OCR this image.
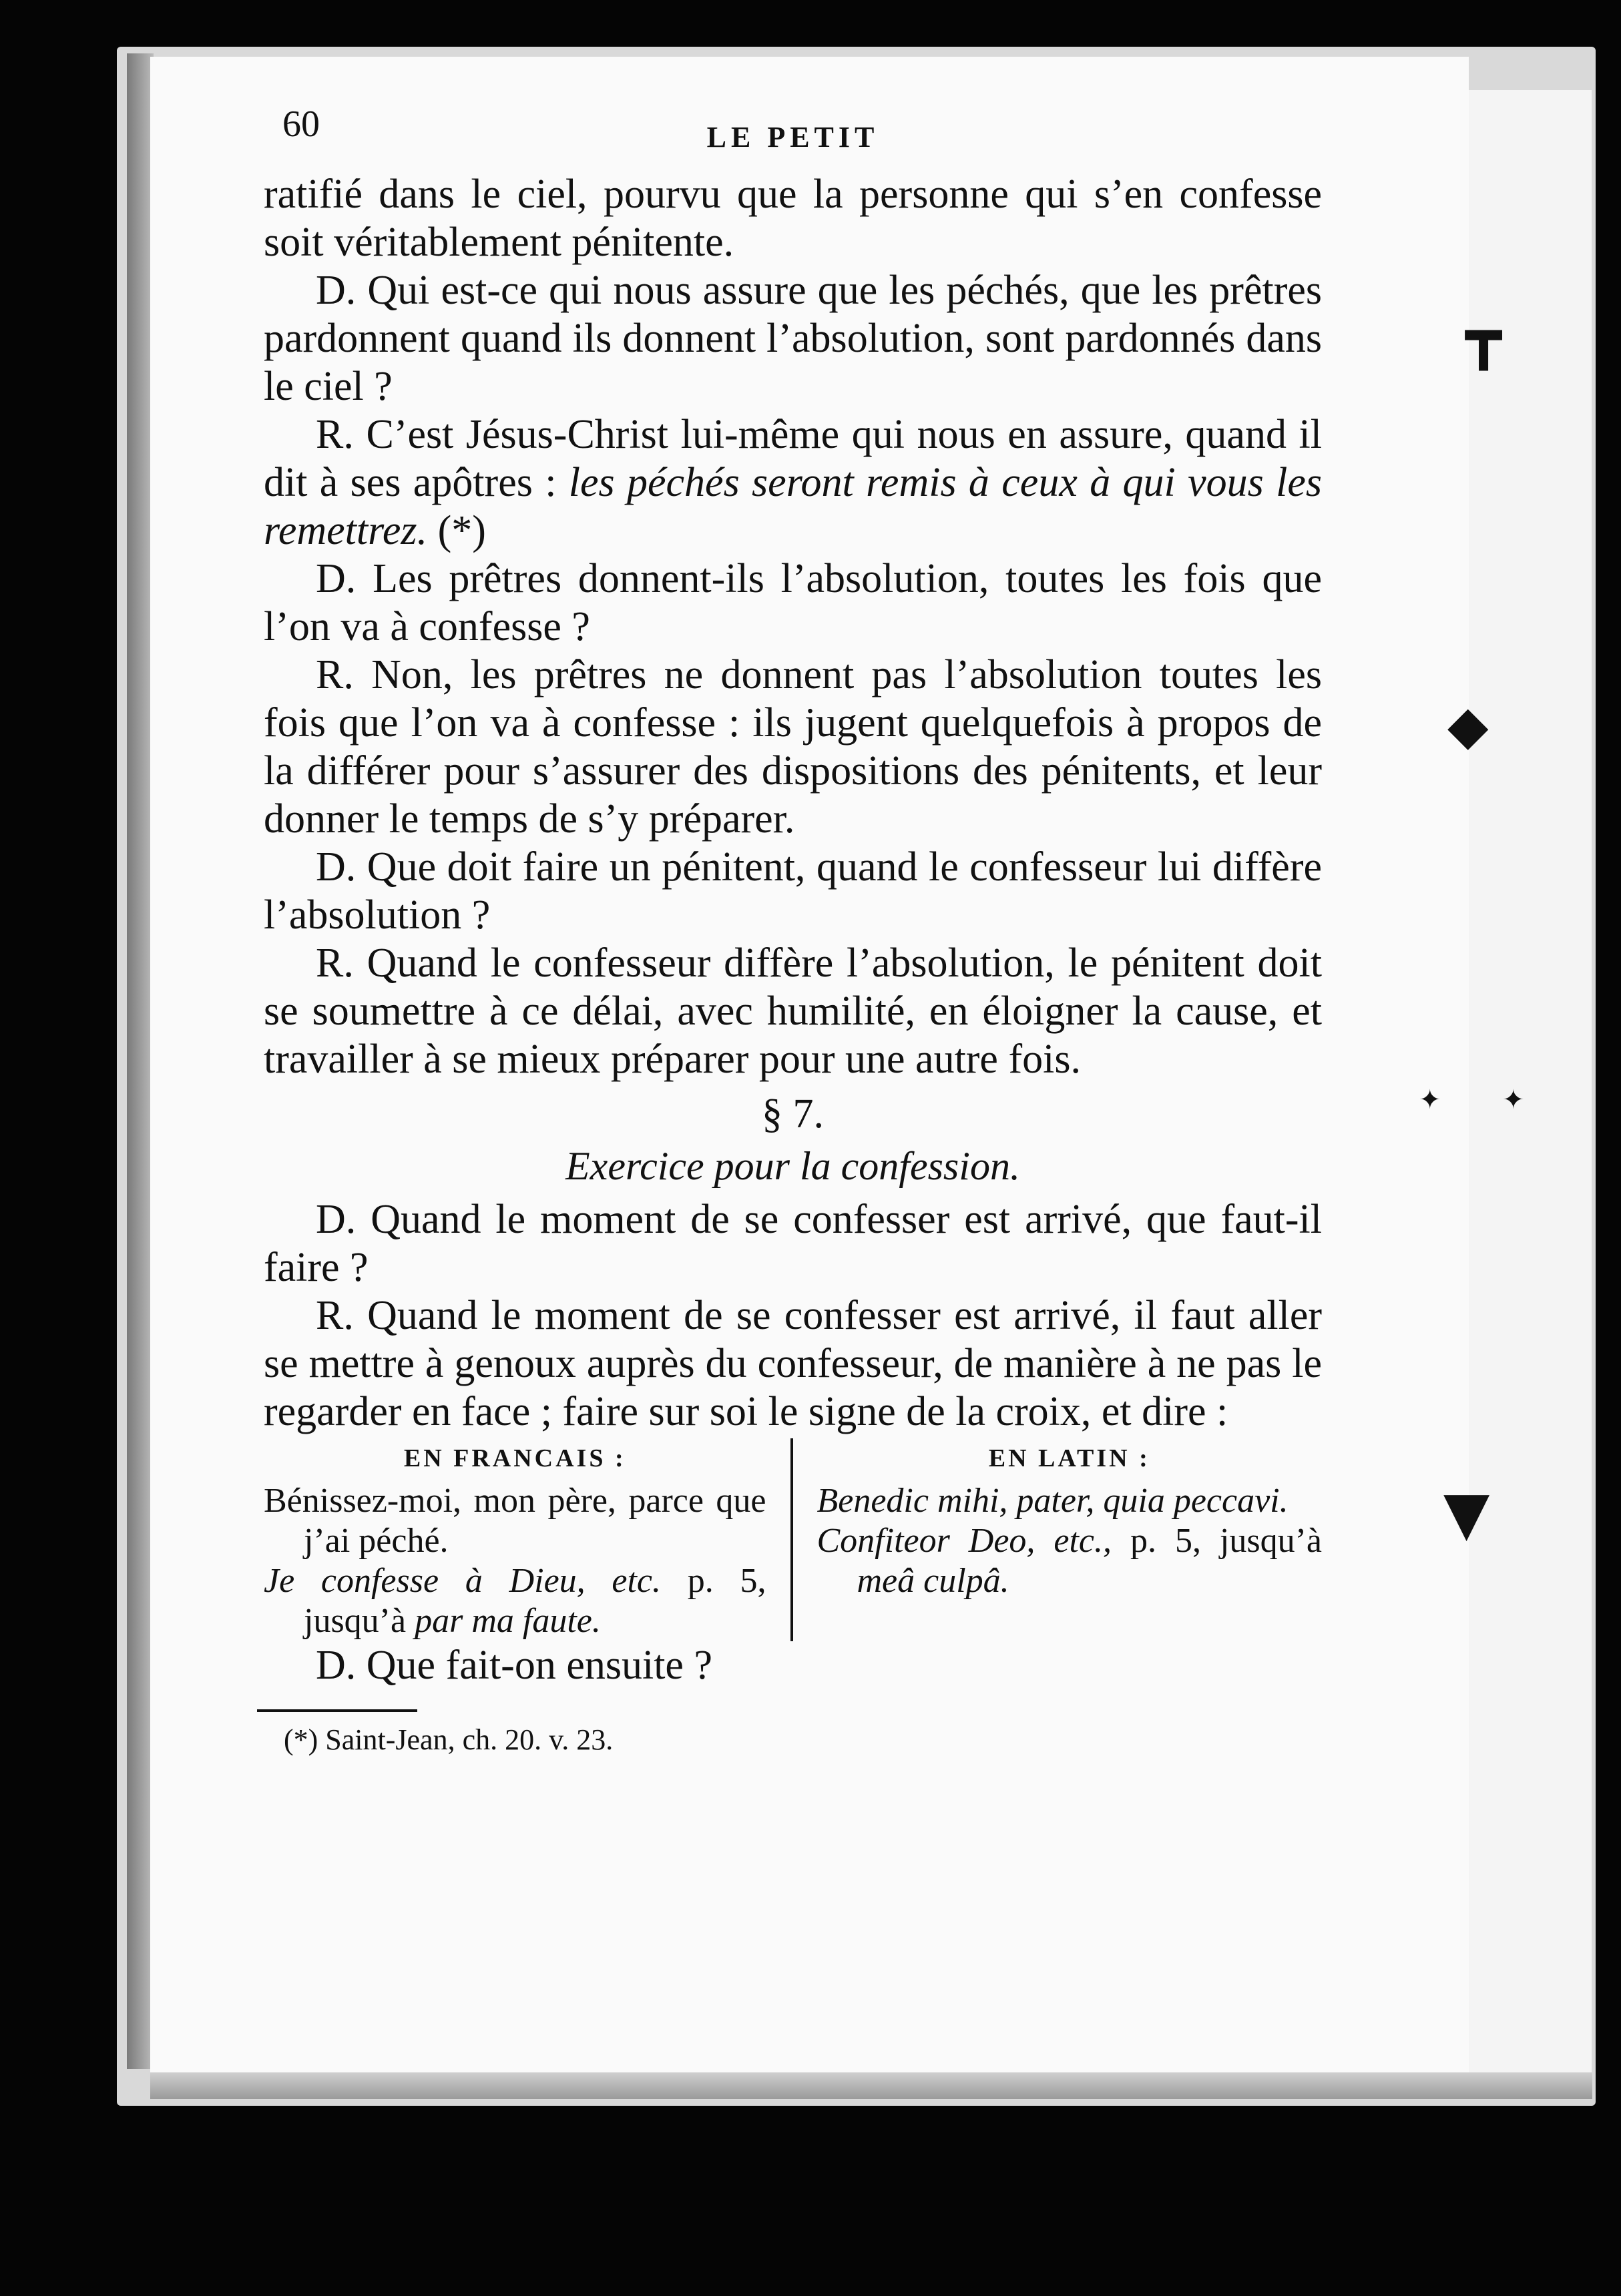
60	LE PETIT

ratifié dans le ciel, pourvu que la personne qui s’en confesse soit véritablement pénitente.

D. Qui est-ce qui nous assure que les péchés, que les prêtres pardonnent quand ils donnent l’absolution, sont pardonnés dans le ciel ?

R. C’est Jésus-Christ lui-même qui nous en assure, quand il dit à ses apôtres : les péchés seront remis à ceux à qui vous les remettrez. (*)

D. Les prêtres donnent-ils l’absolution, toutes les fois que l’on va à confesse ?

R. Non, les prêtres ne donnent pas l’absolution toutes les fois que l’on va à confesse : ils jugent quelquefois à propos de la différer pour s’assurer des dispositions des pénitents, et leur donner le temps de s’y préparer.

D. Que doit faire un pénitent, quand le confesseur lui diffère l’absolution ?

R. Quand le confesseur diffère l’absolution, le pénitent doit se soumettre à ce délai, avec humilité, en éloigner la cause, et travailler à se mieux préparer pour une autre fois.

§ 7.
Exercice pour la confession.

D. Quand le moment de se confesser est arrivé, que faut-il faire ?

R. Quand le moment de se confesser est arrivé, il faut aller se mettre à genoux auprès du confesseur, de manière à ne pas le regarder en face ; faire sur soi le signe de la croix, et dire :

EN FRANCAIS :

Bénissez-moi, mon père, parce que j’ai péché.

Je confesse à Dieu, etc. p. 5, jusqu’à par ma faute.

EN LATIN :

Benedic mihi, pater, quia peccavi.

Confiteor Deo, etc., p. 5, jusqu’à meâ culpâ.

D. Que fait-on ensuite ?

(*) Saint-Jean, ch. 20. v. 23.
┳
◆
▼
✦ ✦
